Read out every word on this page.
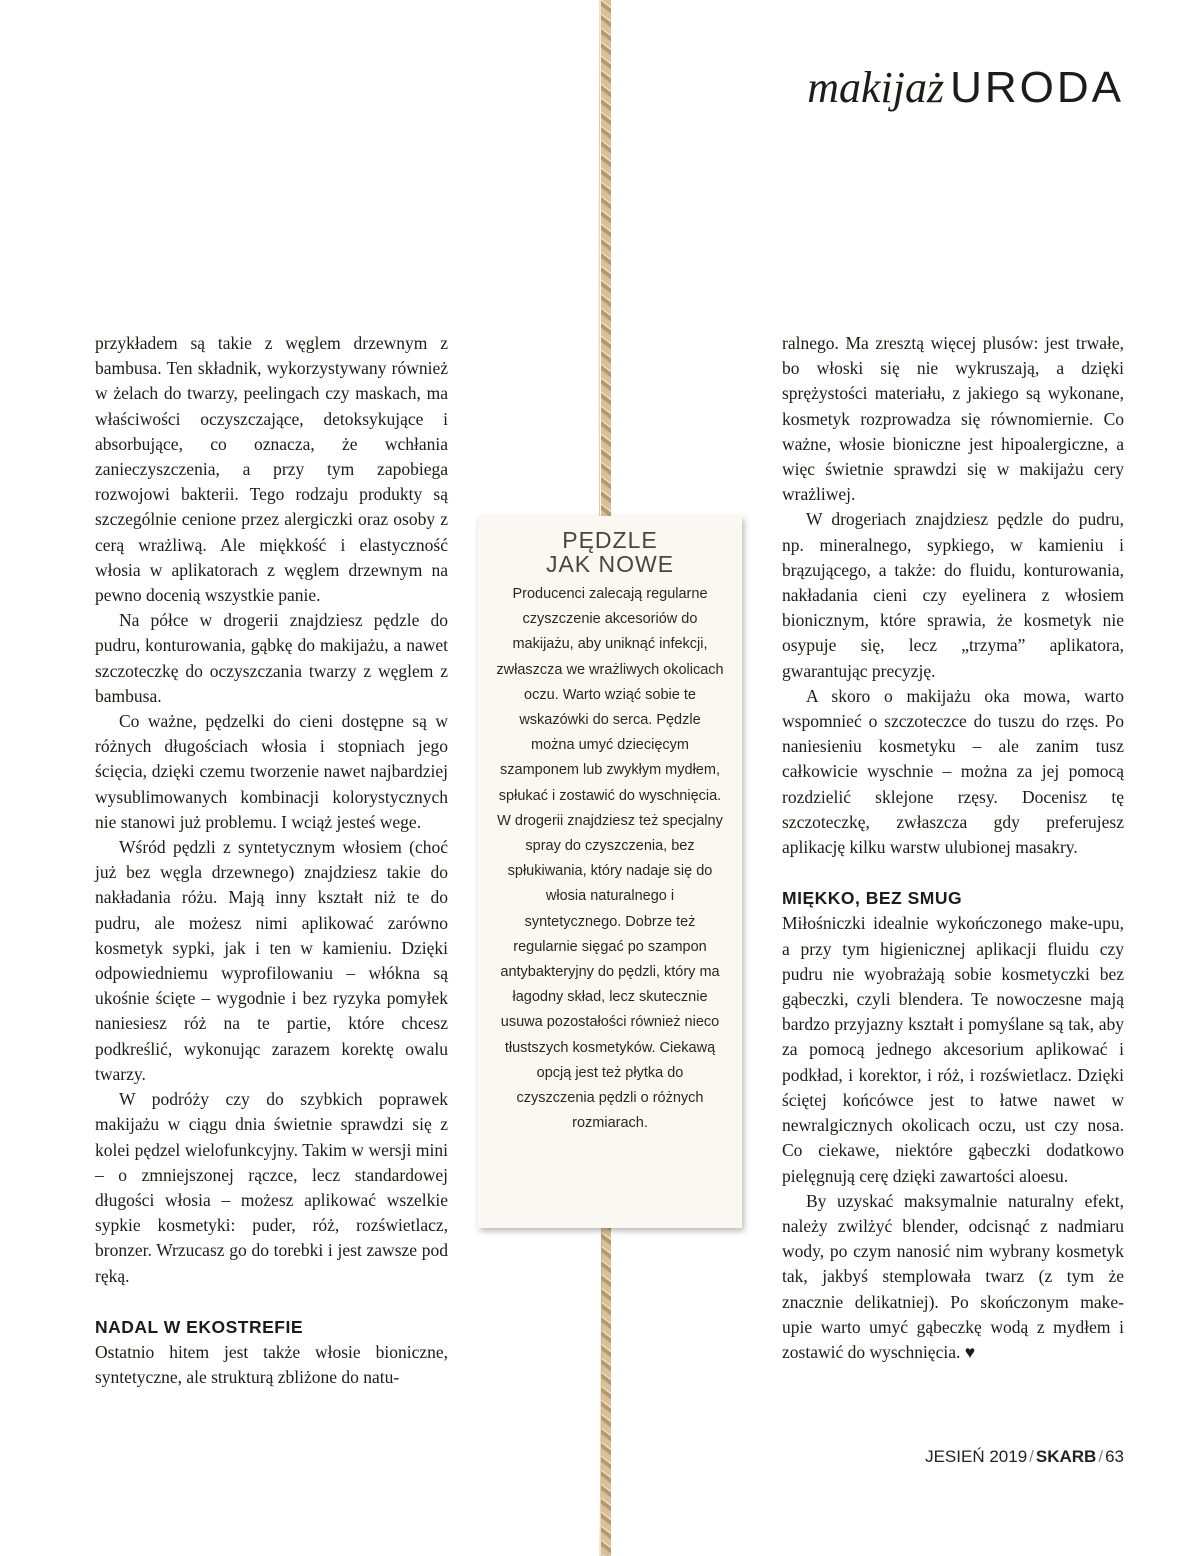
makijaż URODA

przykładem są takie z węglem drzewnym z bambusa. Ten składnik, wykorzystywany również w żelach do twarzy, peelingach czy maskach, ma właściwości oczyszczające, detoksykujące i absorbujące, co oznacza, że wchłania zanieczyszczenia, a przy tym zapobiega rozwojowi bakterii. Tego rodzaju produkty są szczególnie cenione przez alergiczki oraz osoby z cerą wrażliwą. Ale miękkość i elastyczność włosia w aplikatorach z węglem drzewnym na pewno docenią wszystkie panie.

Na półce w drogerii znajdziesz pędzle do pudru, konturowania, gąbkę do makijażu, a nawet szczoteczkę do oczyszczania twarzy z węglem z bambusa.

Co ważne, pędzelki do cieni dostępne są w różnych długościach włosia i stopniach jego ścięcia, dzięki czemu tworzenie nawet najbardziej wysublimowanych kombinacji kolorystycznych nie stanowi już problemu. I wciąż jesteś wege.

Wśród pędzli z syntetycznym włosiem (choć już bez węgla drzewnego) znajdziesz takie do nakładania różu. Mają inny kształt niż te do pudru, ale możesz nimi aplikować zarówno kosmetyk sypki, jak i ten w kamieniu. Dzięki odpowiedniemu wyprofilowaniu – włókna są ukośnie ścięte – wygodnie i bez ryzyka pomyłek naniesiesz róż na te partie, które chcesz podkreślić, wykonując zarazem korektę owalu twarzy.

W podróży czy do szybkich poprawek makijażu w ciągu dnia świetnie sprawdzi się z kolei pędzel wielofunkcyjny. Takim w wersji mini – o zmniejszonej rączce, lecz standardowej długości włosia – możesz aplikować wszelkie sypkie kosmetyki: puder, róż, rozświetlacz, bronzer. Wrzucasz go do torebki i jest zawsze pod ręką.

NADAL W EKOSTREFIE

Ostatnio hitem jest także włosie bioniczne, syntetyczne, ale strukturą zbliżone do natu-

PĘDZLE
JAK NOWE
Producenci zalecają regularne czyszczenie akcesoriów do makijażu, aby uniknąć infekcji, zwłaszcza we wrażliwych okolicach oczu. Warto wziąć sobie te wskazówki do serca. Pędzle można umyć dziecięcym szamponem lub zwykłym mydłem, spłukać i zostawić do wyschnięcia. W drogerii znajdziesz też specjalny spray do czyszczenia, bez spłukiwania, który nadaje się do włosia naturalnego i syntetycznego. Dobrze też regularnie sięgać po szampon antybakteryjny do pędzli, który ma łagodny skład, lecz skutecznie usuwa pozostałości również nieco tłustszych kosmetyków. Ciekawą opcją jest też płytka do czyszczenia pędzli o różnych rozmiarach.

ralnego. Ma zresztą więcej plusów: jest trwałe, bo włoski się nie wykruszają, a dzięki sprężystości materiału, z jakiego są wykonane, kosmetyk rozprowadza się równomiernie. Co ważne, włosie bioniczne jest hipoalergiczne, a więc świetnie sprawdzi się w makijażu cery wrażliwej.

W drogeriach znajdziesz pędzle do pudru, np. mineralnego, sypkiego, w kamieniu i brązującego, a także: do fluidu, konturowania, nakładania cieni czy eyelinera z włosiem bionicznym, które sprawia, że kosmetyk nie osypuje się, lecz „trzyma” aplikatora, gwarantując precyzję.

A skoro o makijażu oka mowa, warto wspomnieć o szczoteczce do tuszu do rzęs. Po naniesieniu kosmetyku – ale zanim tusz całkowicie wyschnie – można za jej pomocą rozdzielić sklejone rzęsy. Docenisz tę szczoteczkę, zwłaszcza gdy preferujesz aplikację kilku warstw ulubionej masakry.

MIĘKKO, BEZ SMUG

Miłośniczki idealnie wykończonego make-upu, a przy tym higienicznej aplikacji fluidu czy pudru nie wyobrażają sobie kosmetyczki bez gąbeczki, czyli blendera. Te nowoczesne mają bardzo przyjazny kształt i pomyślane są tak, aby za pomocą jednego akcesorium aplikować i podkład, i korektor, i róż, i rozświetlacz. Dzięki ściętej końcówce jest to łatwe nawet w newralgicznych okolicach oczu, ust czy nosa. Co ciekawe, niektóre gąbeczki dodatkowo pielęgnują cerę dzięki zawartości aloesu.

By uzyskać maksymalnie naturalny efekt, należy zwilżyć blender, odcisnąć z nadmiaru wody, po czym nanosić nim wybrany kosmetyk tak, jakbyś stemplowała twarz (z tym że znacznie delikatniej). Po skończonym make-upie warto umyć gąbeczkę wodą z mydłem i zostawić do wyschnięcia. ♥

JESIEŃ 2019 / SKARB / 63
